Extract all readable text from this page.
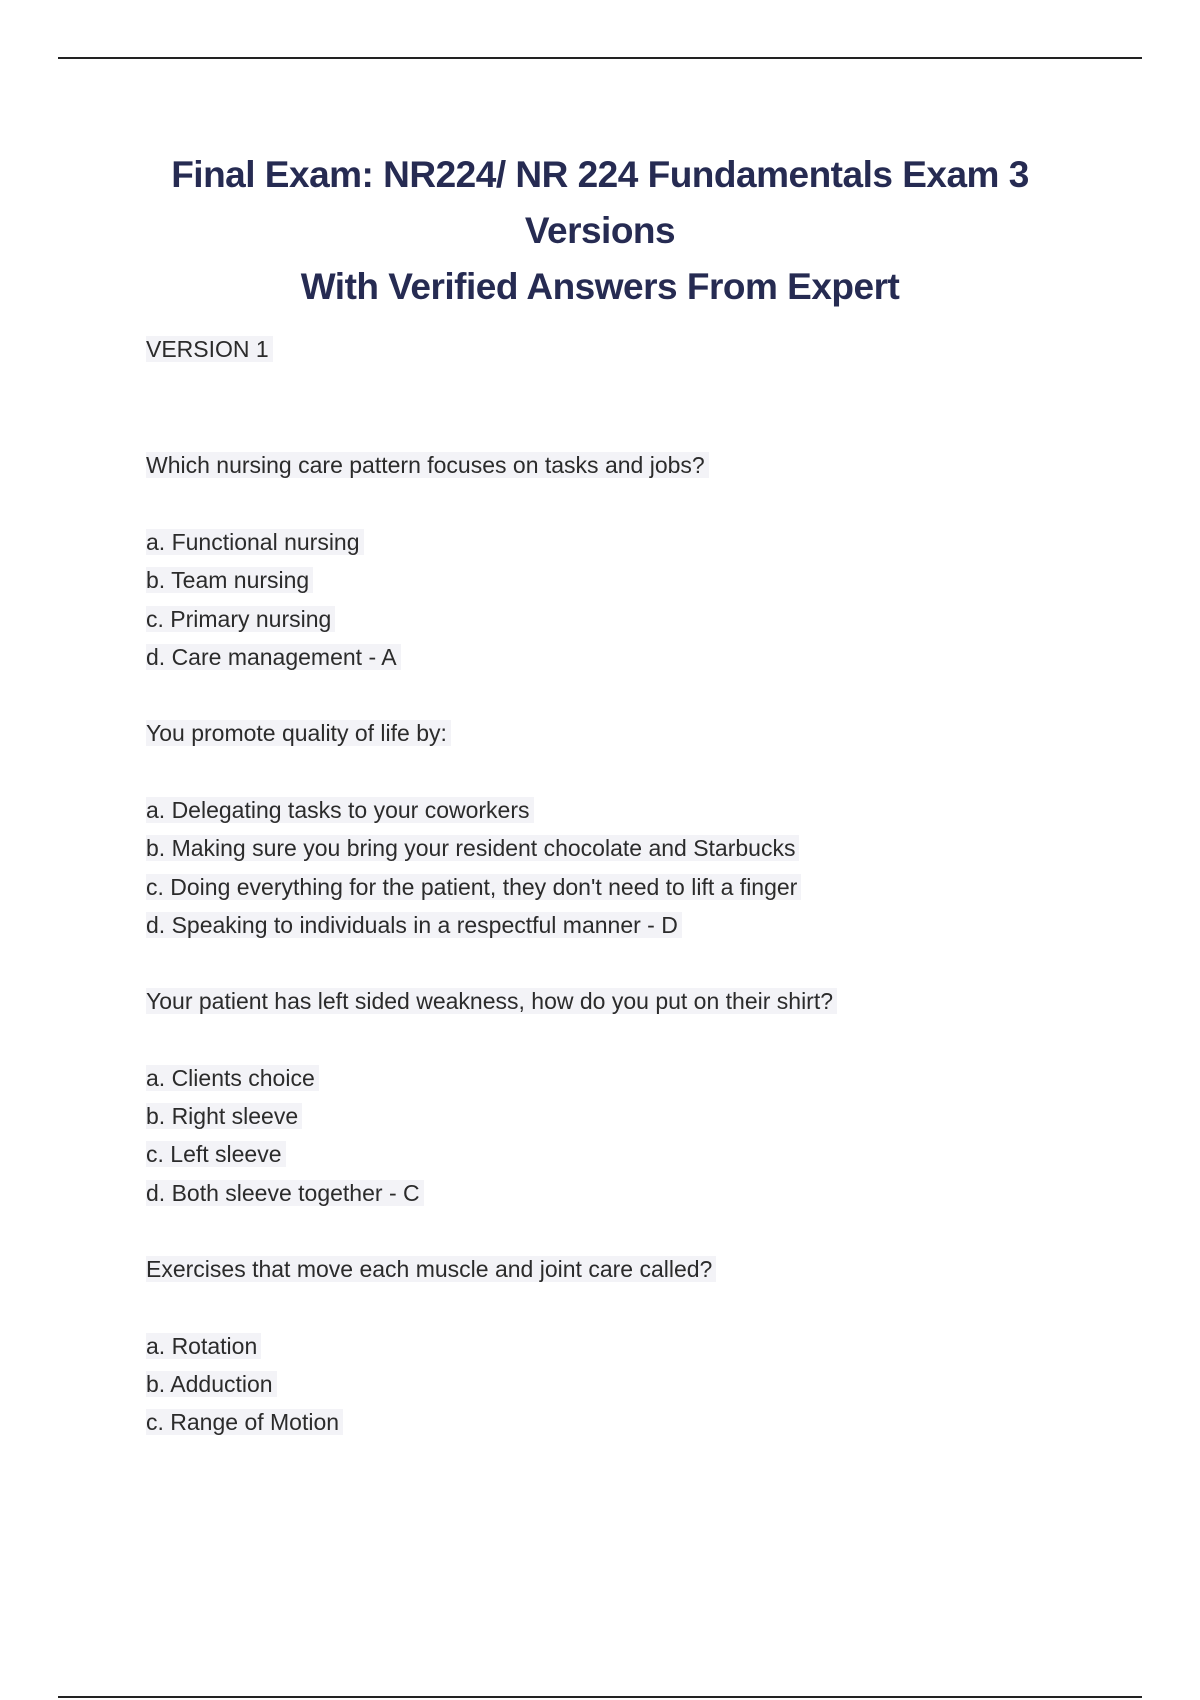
Final Exam: NR224/ NR 224 Fundamentals Exam 3 Versions
With Verified Answers From Expert
VERSION 1
Which nursing care pattern focuses on tasks and jobs?
a. Functional nursing
b. Team nursing
c. Primary nursing
d. Care management - A
You promote quality of life by:
a. Delegating tasks to your coworkers
b. Making sure you bring your resident chocolate and Starbucks
c. Doing everything for the patient, they don't need to lift a finger
d. Speaking to individuals in a respectful manner - D
Your patient has left sided weakness, how do you put on their shirt?
a. Clients choice
b. Right sleeve
c. Left sleeve
d. Both sleeve together - C
Exercises that move each muscle and joint care called?
a. Rotation
b. Adduction
c. Range of Motion
